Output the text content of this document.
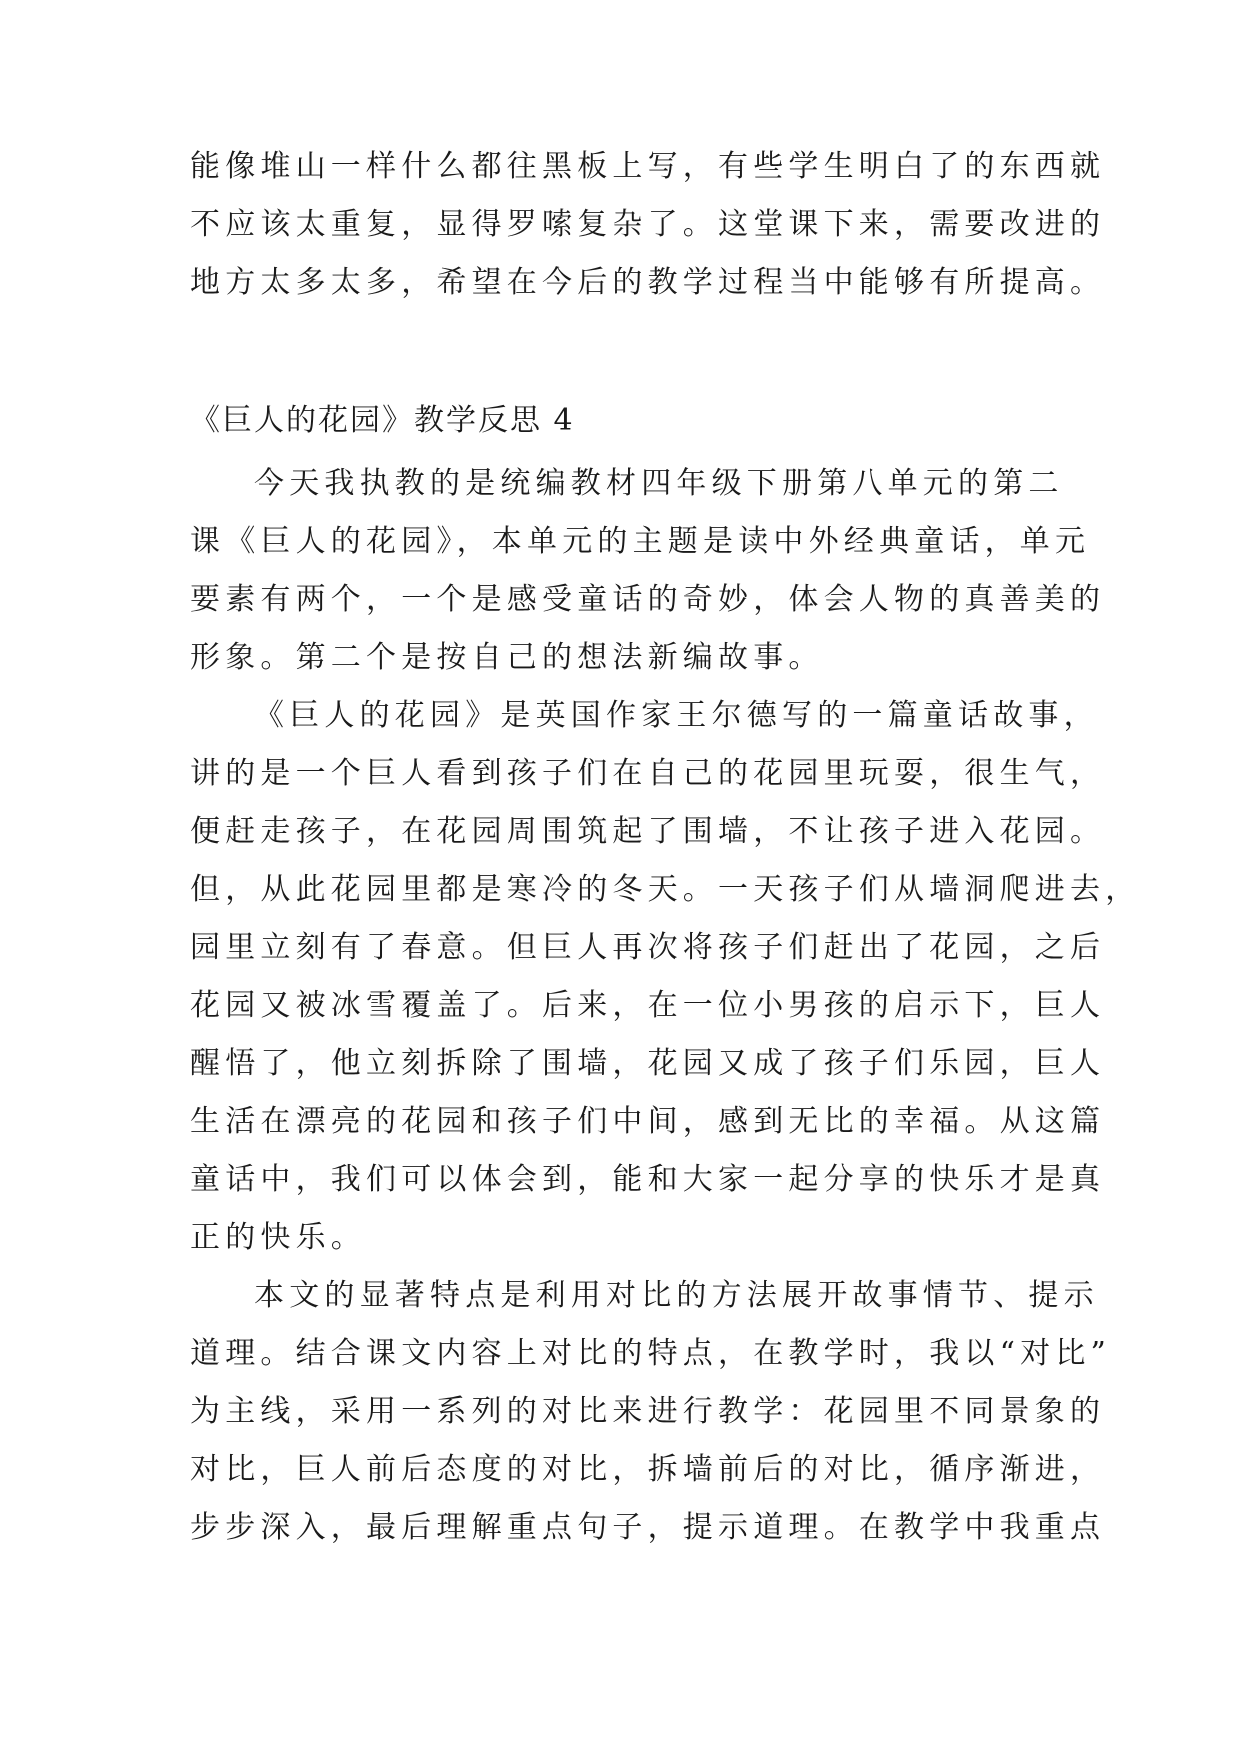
能像堆山一样什么都往黑板上写，有些学生明白了的东西就
不应该太重复，显得罗嗦复杂了。这堂课下来，需要改进的
地方太多太多，希望在今后的教学过程当中能够有所提高。
《巨人的花园》教学反思 4
今天我执教的是统编教材四年级下册第八单元的第二
课《巨人的花园》，本单元的主题是读中外经典童话，单元
要素有两个，一个是感受童话的奇妙，体会人物的真善美的
形象。第二个是按自己的想法新编故事。
《巨人的花园》是英国作家王尔德写的一篇童话故事，
讲的是一个巨人看到孩子们在自己的花园里玩耍，很生气，
便赶走孩子，在花园周围筑起了围墙，不让孩子进入花园。
但，从此花园里都是寒冷的冬天。一天孩子们从墙洞爬进去，
园里立刻有了春意。但巨人再次将孩子们赶出了花园，之后
花园又被冰雪覆盖了。后来，在一位小男孩的启示下，巨人
醒悟了，他立刻拆除了围墙，花园又成了孩子们乐园，巨人
生活在漂亮的花园和孩子们中间，感到无比的幸福。从这篇
童话中，我们可以体会到，能和大家一起分享的快乐才是真
正的快乐。
本文的显著特点是利用对比的方法展开故事情节、提示
道理。结合课文内容上对比的特点，在教学时，我以“对比”
为主线，采用一系列的对比来进行教学：花园里不同景象的
对比，巨人前后态度的对比，拆墙前后的对比，循序渐进，
步步深入，最后理解重点句子，提示道理。在教学中我重点
